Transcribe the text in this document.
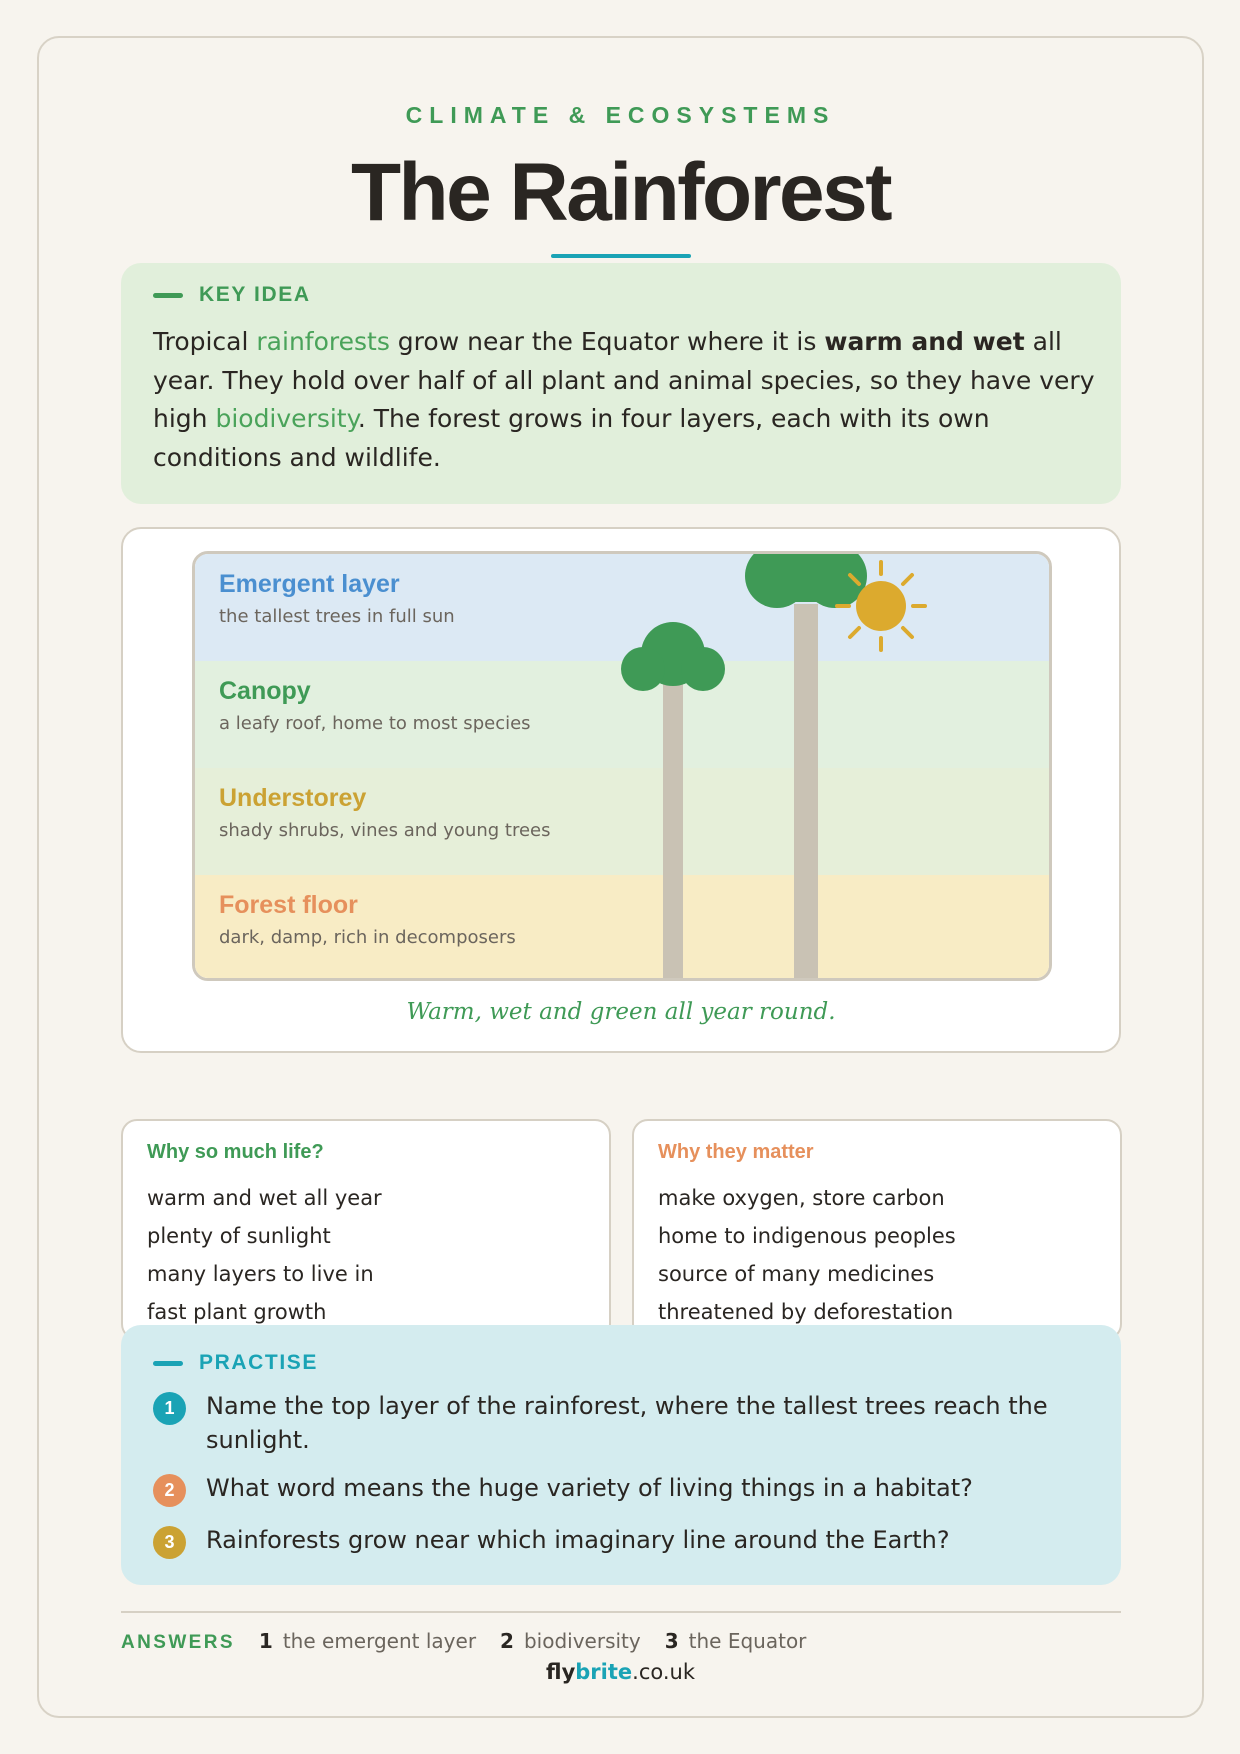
CLIMATE & ECOSYSTEMS
The Rainforest
KEY IDEA

Tropical rainforests grow near the Equator where it is warm and wet all year. They hold over half of all plant and animal species, so they have very high biodiversity. The forest grows in four layers, each with its own conditions and wildlife.

Emergent layer
the tallest trees in full sun
Canopy
a leafy roof, home to most species
Understorey
shady shrubs, vines and young trees
Forest floor
dark, damp, rich in decomposers
Warm, wet and green all year round.
Why so much life?
warm and wet all year
plenty of sunlight
many layers to live in
fast plant growth
Why they matter
make oxygen, store carbon
home to indigenous peoples
source of many medicines
threatened by deforestation
PRACTISE
1	Name the top layer of the rainforest, where the tallest trees reach the sunlight.
2	What word means the huge variety of living things in a habitat?
3	Rainforests grow near which imaginary line around the Earth?
ANSWERS 1 the emergent layer 2 biodiversity 3 the Equator
flybrite.co.uk
